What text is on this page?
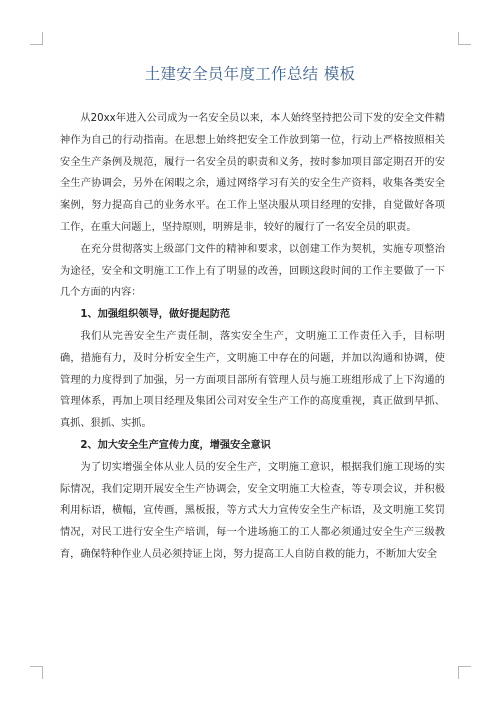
土建安全员年度工作总结 模板

从20xx年进入公司成为一名安全员以来，本人始终坚持把公司下发的安全文件精神作为自己的行动指南。在思想上始终把安全工作放到第一位，行动上严格按照相关安全生产条例及规范，履行一名安全员的职责和义务，按时参加项目部定期召开的安全生产协调会，另外在闲暇之余，通过网络学习有关的安全生产资料，收集各类安全案例，努力提高自己的业务水平。在工作上坚决服从项目经理的安排，自觉做好各项工作，在重大问题上，坚持原则，明辨是非，较好的履行了一名安全员的职责。

在充分贯彻落实上级部门文件的精神和要求，以创建工作为契机，实施专项整治为途径，安全和文明施工工作上有了明显的改善，回顾这段时间的工作主要做了一下几个方面的内容：

1、加强组织领导，做好提起防范

我们从完善安全生产责任制，落实安全生产，文明施工工作责任入手，目标明确，措施有力，及时分析安全生产，文明施工中存在的问题，并加以沟通和协调，使管理的力度得到了加强，另一方面项目部所有管理人员与施工班组形成了上下沟通的管理体系，再加上项目经理及集团公司对安全生产工作的高度重视，真正做到早抓、真抓、狠抓、实抓。

2、加大安全生产宣传力度，增强安全意识

为了切实增强全体从业人员的安全生产，文明施工意识，根据我们施工现场的实际情况，我们定期开展安全生产协调会，安全文明施工大检查，等专项会议，并积极利用标语，横幅，宣传画，黑板报，等方式大力宣传安全生产标语，及文明施工奖罚情况，对民工进行安全生产培训，每一个进场施工的工人都必须通过安全生产三级教育，确保特种作业人员必须持证上岗，努力提高工人自防自救的能力，不断加大安全
